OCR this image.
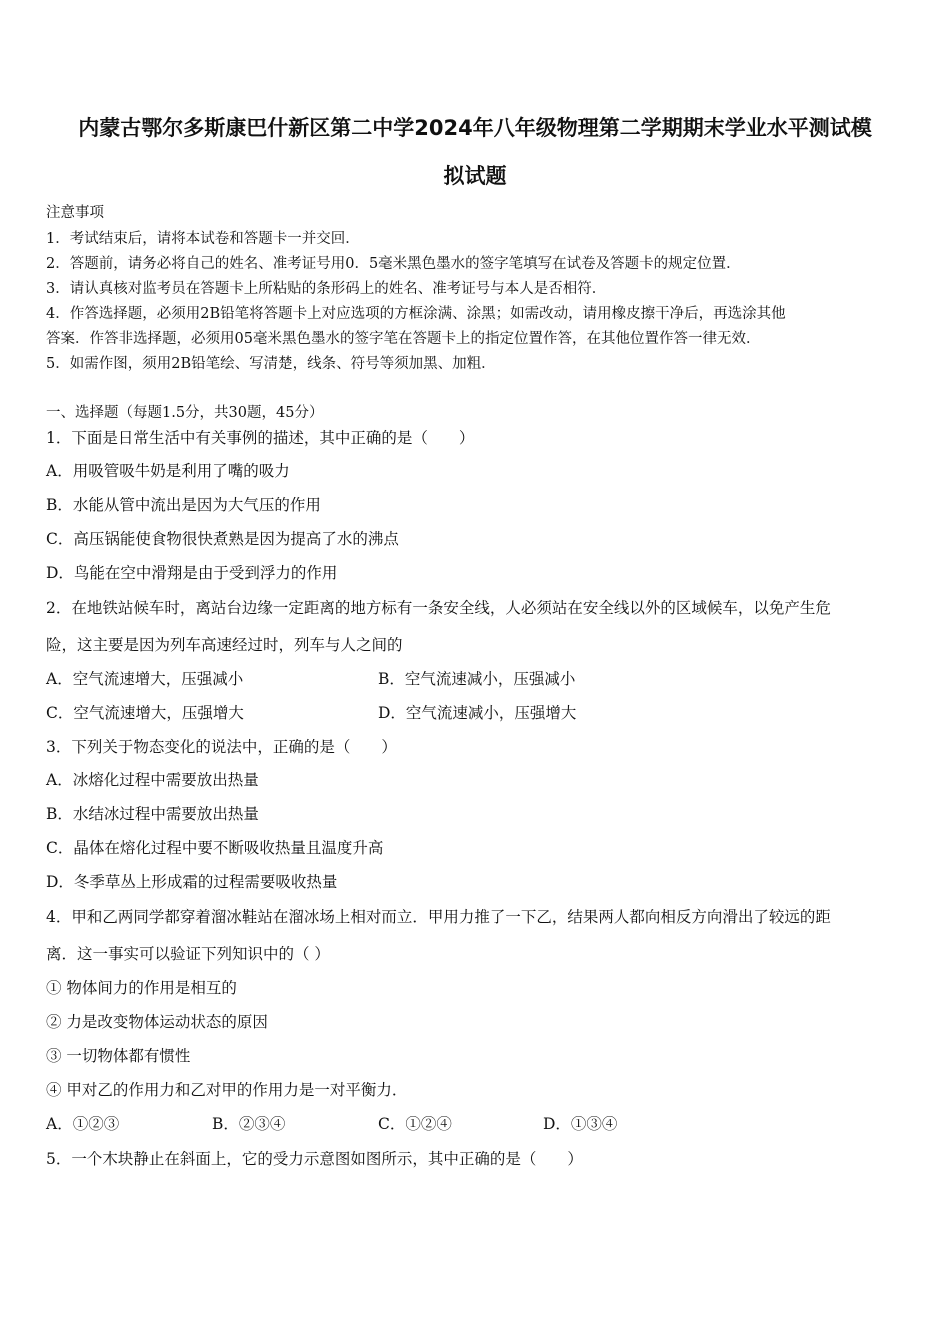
内蒙古鄂尔多斯康巴什新区第二中学2024年八年级物理第二学期期末学业水平测试模
拟试题
注意事项
1．考试结束后，请将本试卷和答题卡一并交回．
2．答题前，请务必将自己的姓名、准考证号用0．5毫米黑色墨水的签字笔填写在试卷及答题卡的规定位置．
3．请认真核对监考员在答题卡上所粘贴的条形码上的姓名、准考证号与本人是否相符．
4．作答选择题，必须用2B铅笔将答题卡上对应选项的方框涂满、涂黑；如需改动，请用橡皮擦干净后，再选涂其他
答案．作答非选择题，必须用05毫米黑色墨水的签字笔在答题卡上的指定位置作答，在其他位置作答一律无效．
5．如需作图，须用2B铅笔绘、写清楚，线条、符号等须加黑、加粗．
一、选择题（每题1.5分，共30题，45分）
1．下面是日常生活中有关事例的描述，其中正确的是（　　）
A．用吸管吸牛奶是利用了嘴的吸力
B．水能从管中流出是因为大气压的作用
C．高压锅能使食物很快煮熟是因为提高了水的沸点
D．鸟能在空中滑翔是由于受到浮力的作用
2．在地铁站候车时，离站台边缘一定距离的地方标有一条安全线，人必须站在安全线以外的区域候车，以免产生危
险，这主要是因为列车高速经过时，列车与人之间的
A．空气流速增大，压强减小	B．空气流速减小，压强减小
C．空气流速增大，压强增大	D．空气流速减小，压强增大
3．下列关于物态变化的说法中，正确的是（　　）
A．冰熔化过程中需要放出热量
B．水结冰过程中需要放出热量
C．晶体在熔化过程中要不断吸收热量且温度升高
D．冬季草丛上形成霜的过程需要吸收热量
4．甲和乙两同学都穿着溜冰鞋站在溜冰场上相对而立．甲用力推了一下乙，结果两人都向相反方向滑出了较远的距
离．这一事实可以验证下列知识中的（ ）
① 物体间力的作用是相互的
② 力是改变物体运动状态的原因
③ 一切物体都有惯性
④ 甲对乙的作用力和乙对甲的作用力是一对平衡力．
A．①②③	B．②③④	C．①②④	D．①③④
5．一个木块静止在斜面上，它的受力示意图如图所示，其中正确的是（　　）
